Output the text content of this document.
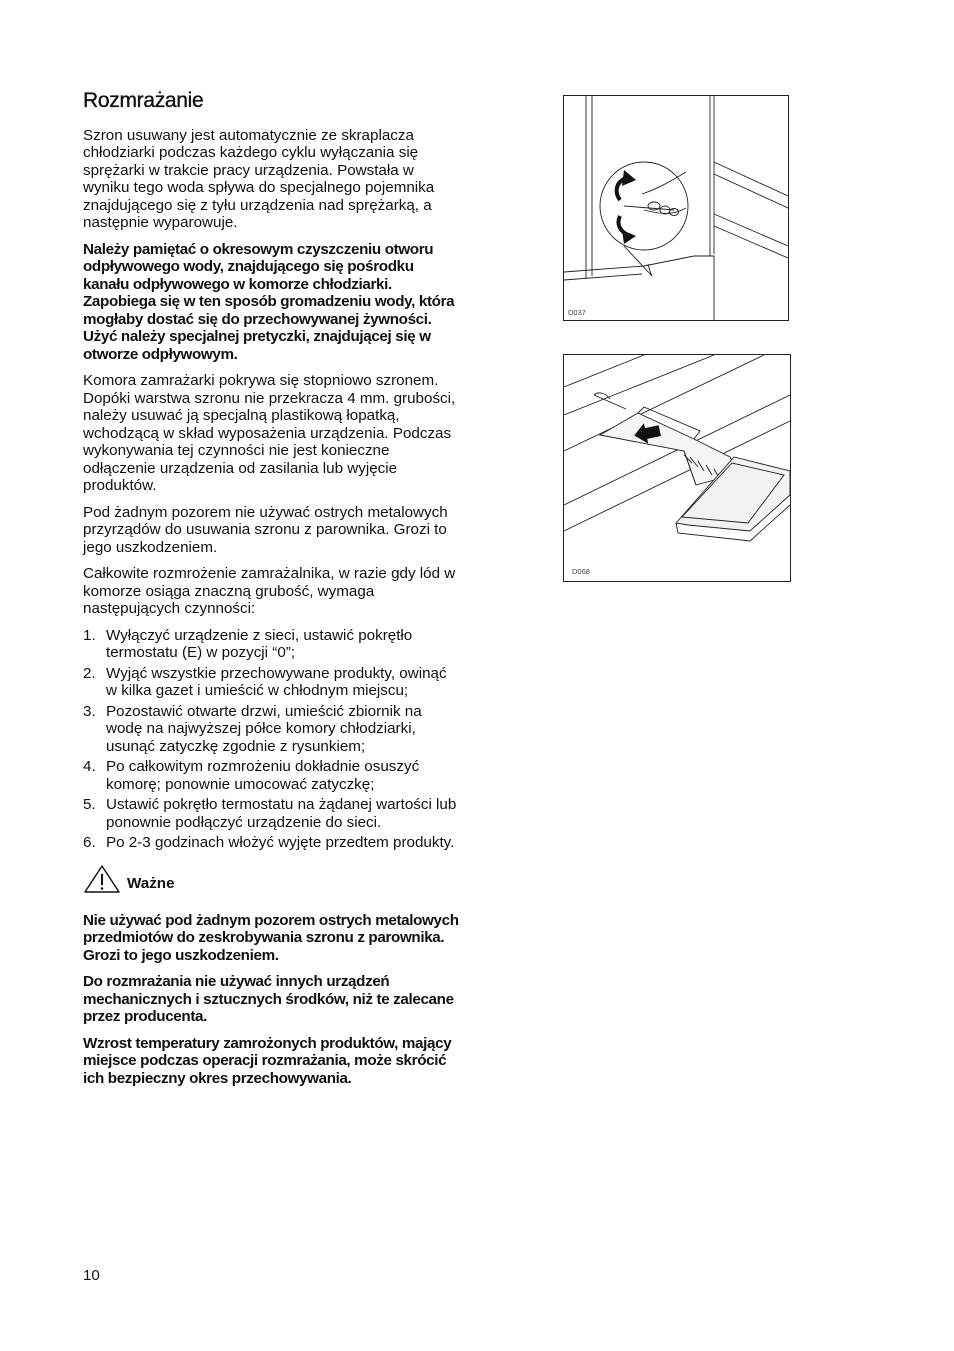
Rozmrażanie

Szron usuwany jest automatycznie ze skraplacza chłodziarki podczas każdego cyklu wyłączania się sprężarki w trakcie pracy urządzenia. Powstała w wyniku tego woda spływa do specjalnego pojemnika znajdującego się z tyłu urządzenia nad sprężarką, a następnie wyparowuje.

Należy pamiętać o okresowym czyszczeniu otworu odpływowego wody, znajdującego się pośrodku kanału odpływowego w komorze chłodziarki. Zapobiega się w ten sposób gromadzeniu wody, która mogłaby dostać się do przechowywanej żywności. Użyć należy specjalnej pretyczki, znajdującej się w otworze odpływowym.

Komora zamrażarki pokrywa się stopniowo szronem. Dopóki warstwa szronu nie przekracza 4 mm. grubości, należy usuwać ją specjalną plastikową łopatką, wchodzącą w skład wyposażenia urządzenia. Podczas wykonywania tej czynności nie jest konieczne odłączenie urządzenia od zasilania lub wyjęcie produktów.

Pod żadnym pozorem nie używać ostrych metalowych przyrządów do usuwania szronu z parownika. Grozi to jego uszkodzeniem.

Całkowite rozmrożenie zamrażalnika, w razie gdy lód w komorze osiąga znaczną grubość, wymaga następujących czynności:

1. Wyłączyć urządzenie z sieci, ustawić pokrętło termostatu (E) w pozycji “0”;
2. Wyjąć wszystkie przechowywane produkty, owinąć w kilka gazet i umieścić w chłodnym miejscu;
3. Pozostawić otwarte drzwi, umieścić zbiornik na wodę na najwyższej półce komory chłodziarki, usunąć zatyczkę zgodnie z rysunkiem;
4. Po całkowitym rozmrożeniu dokładnie osuszyć komorę; ponownie umocować zatyczkę;
5. Ustawić pokrętło termostatu na żądanej wartości lub ponownie podłączyć urządzenie do sieci.
6. Po 2-3 godzinach włożyć wyjęte przedtem produkty.
Ważne

Nie używać pod żadnym pozorem ostrych metalowych przedmiotów do zeskrobywania szronu z parownika. Grozi to jego uszkodzeniem.

Do rozmrażania nie używać innych urządzeń mechanicznych i sztucznych środków, niż te zalecane przez producenta.

Wzrost temperatury zamrożonych produktów, mający miejsce podczas operacji rozmrażania, może skrócić ich bezpieczny okres przechowywania.

D037
D068
10
